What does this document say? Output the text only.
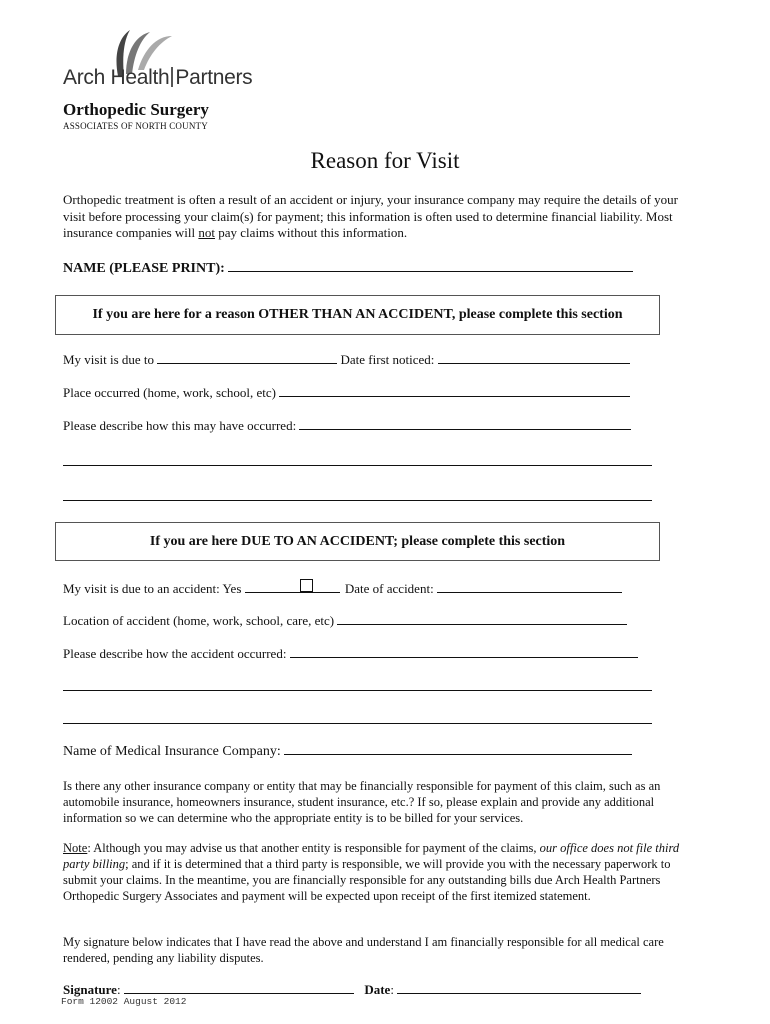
Arch Health Partners
Orthopedic Surgery
ASSOCIATES OF NORTH COUNTY
Reason for Visit
Orthopedic treatment is often a result of an accident or injury, your insurance company may require the details of your visit before processing your claim(s) for payment; this information is often used to determine financial liability. Most insurance companies will not pay claims without this information.
NAME (PLEASE PRINT):
If you are here for a reason OTHER THAN AN ACCIDENT, please complete this section
My visit is due to	Date first noticed:
Place occurred (home, work, school, etc)
Please describe how this may have occurred:
If you are here DUE TO AN ACCIDENT; please complete this section
My visit is due to an accident: Yes	Date of accident:
Location of accident (home, work, school, care, etc)
Please describe how the accident occurred:
Name of Medical Insurance Company:
Is there any other insurance company or entity that may be financially responsible for payment of this claim, such as an automobile insurance, homeowners insurance, student insurance, etc.? If so, please explain and provide any additional information so we can determine who the appropriate entity is to be billed for your services.
Note: Although you may advise us that another entity is responsible for payment of the claims, our office does not file third party billing; and if it is determined that a third party is responsible, we will provide you with the necessary paperwork to submit your claims. In the meantime, you are financially responsible for any outstanding bills due Arch Health Partners Orthopedic Surgery Associates and payment will be expected upon receipt of the first itemized statement.
My signature below indicates that I have read the above and understand I am financially responsible for all medical care rendered, pending any liability disputes.
Signature:	Date:
Form 12002 August 2012
